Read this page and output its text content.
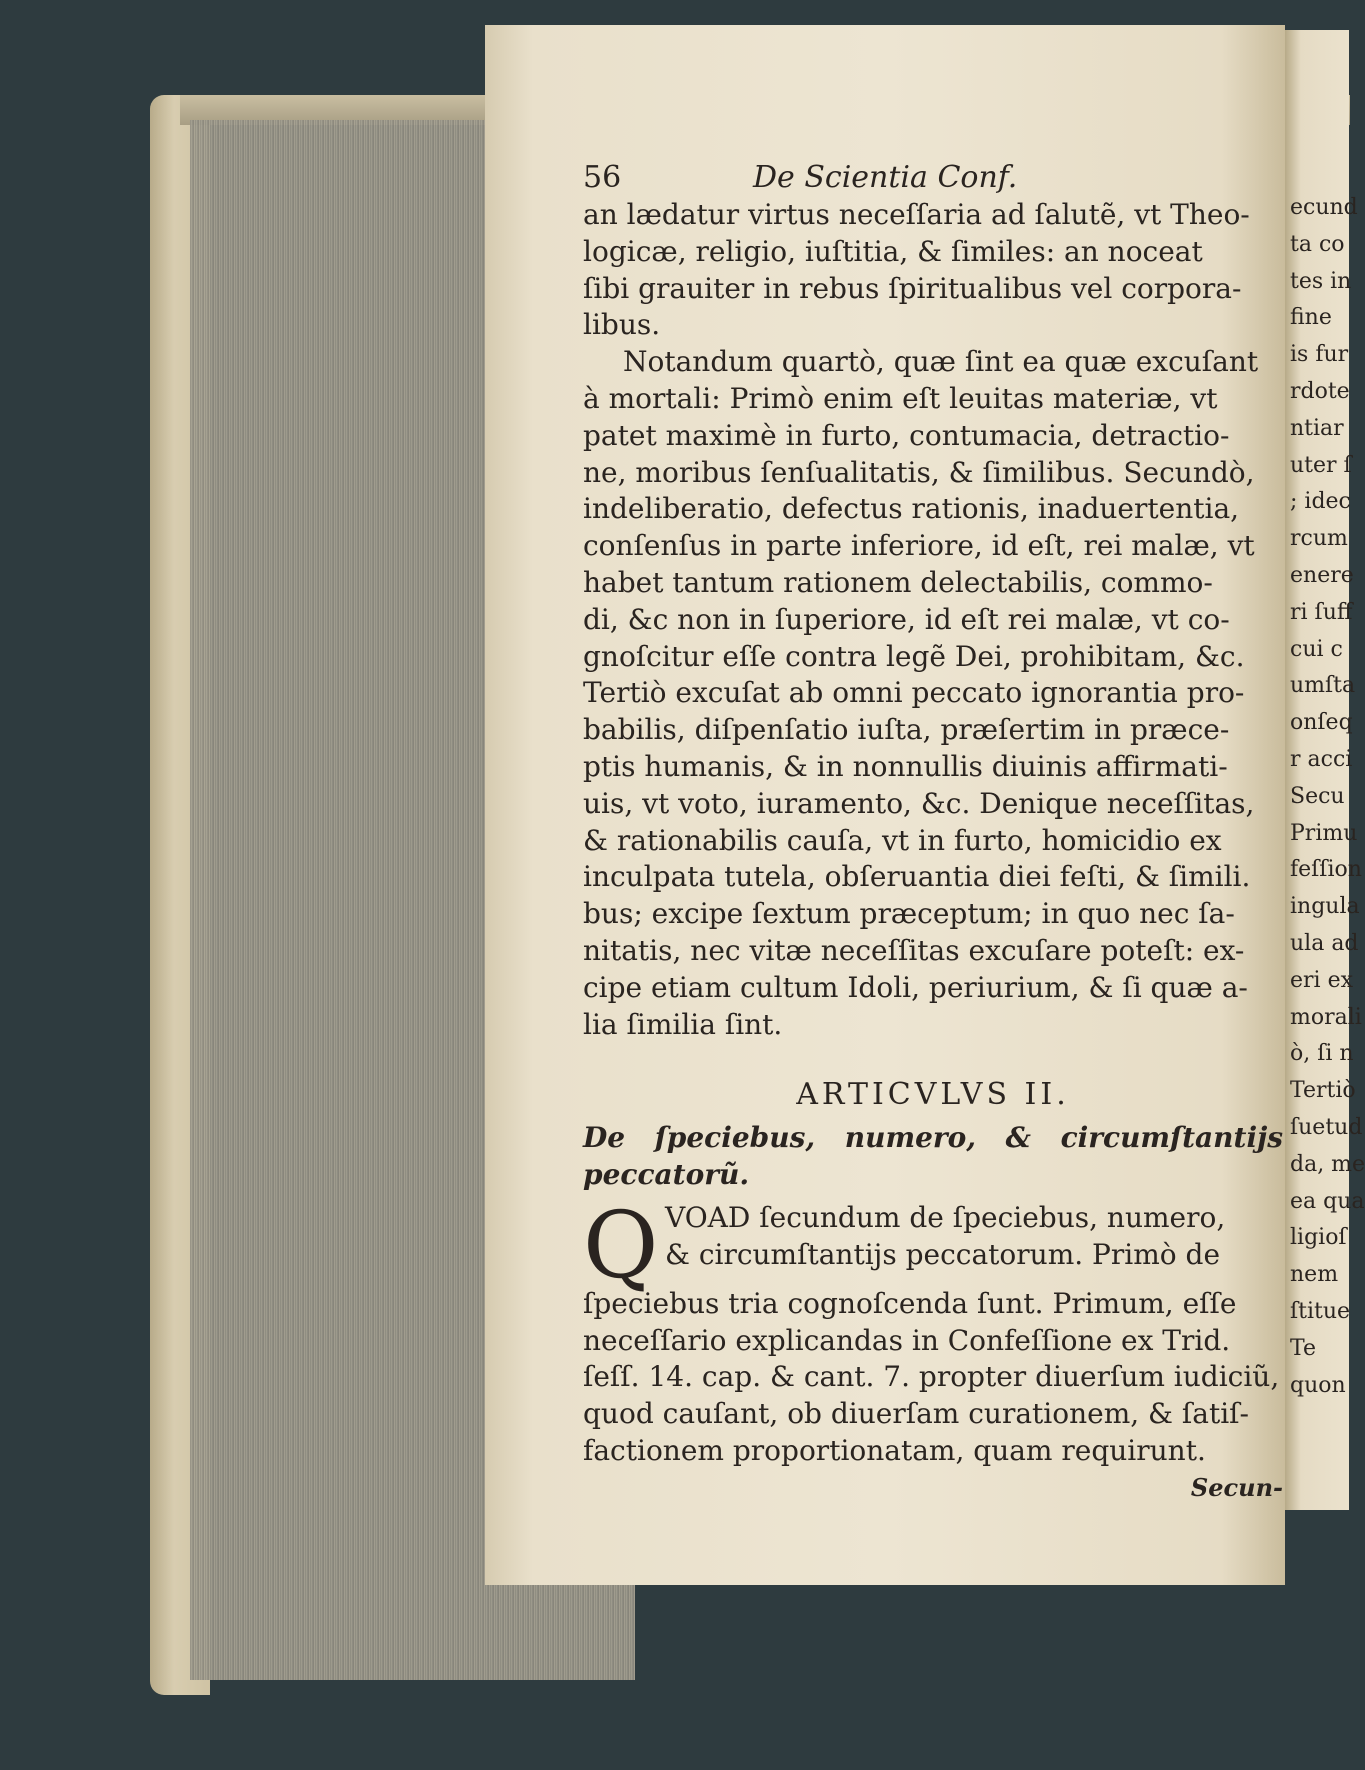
56	De Scientia Conf.
an lædatur virtus neceſſaria ad ſalutẽ, vt Theo-
logicæ, religio, iuſtitia, & ſimiles: an noceat
ſibi grauiter in rebus ſpiritualibus vel corpora-
libus.
Notandum quartò, quæ ſint ea quæ excuſant
à mortali: Primò enim eſt leuitas materiæ, vt
patet maximè in furto, contumacia, detractio-
ne, moribus ſenſualitatis, & ſimilibus. Secundò,
indeliberatio, defectus rationis, inaduertentia,
conſenſus in parte inferiore, id eſt, rei malæ, vt
habet tantum rationem delectabilis, commo-
di, &c non in ſuperiore, id eſt rei malæ, vt co-
gnoſcitur eſſe contra legẽ Dei, prohibitam, &c.
Tertiò excuſat ab omni peccato ignorantia pro-
babilis, diſpenſatio iuſta, præſertim in præce-
ptis humanis, & in nonnullis diuinis affirmati-
uis, vt voto, iuramento, &c. Denique neceſſitas,
& rationabilis cauſa, vt in furto, homicidio ex
inculpata tutela, obſeruantia diei feſti, & ſimili.
bus; excipe ſextum præceptum; in quo nec ſa-
nitatis, nec vitæ neceſſitas excuſare poteſt: ex-
cipe etiam cultum Idoli, periurium, & ſi quæ a-
lia ſimilia ſint.
ARTICVLVS II.
De ſpeciebus, numero, & circumſtantijs peccatorũ.
Q VOAD ſecundum de ſpeciebus, numero,
& circumſtantijs peccatorum. Primò de
ſpeciebus tria cognoſcenda ſunt. Primum, eſſe
neceſſario explicandas in Confeſſione ex Trid.
ſeſſ. 14. cap. & cant. 7. propter diuerſum iudiciũ,
quod cauſant, ob diuerſam curationem, & ſatiſ-
factionem proportionatam, quam requirunt.
Secun-
ecund
ta co
tes in
fine
is fur
rdote
ntiar
uter ſ
; idec
rcum
enere
ri ſuff
cui c
umſta
onſeq
r acci
Secu
Primu
feſſion
ingula
ula ad
eri ex
morali
ò, ſi n
Tertiò
ſuetud
da, me
ea qua
ligioſ
nem
ſtitue
Te
quon
